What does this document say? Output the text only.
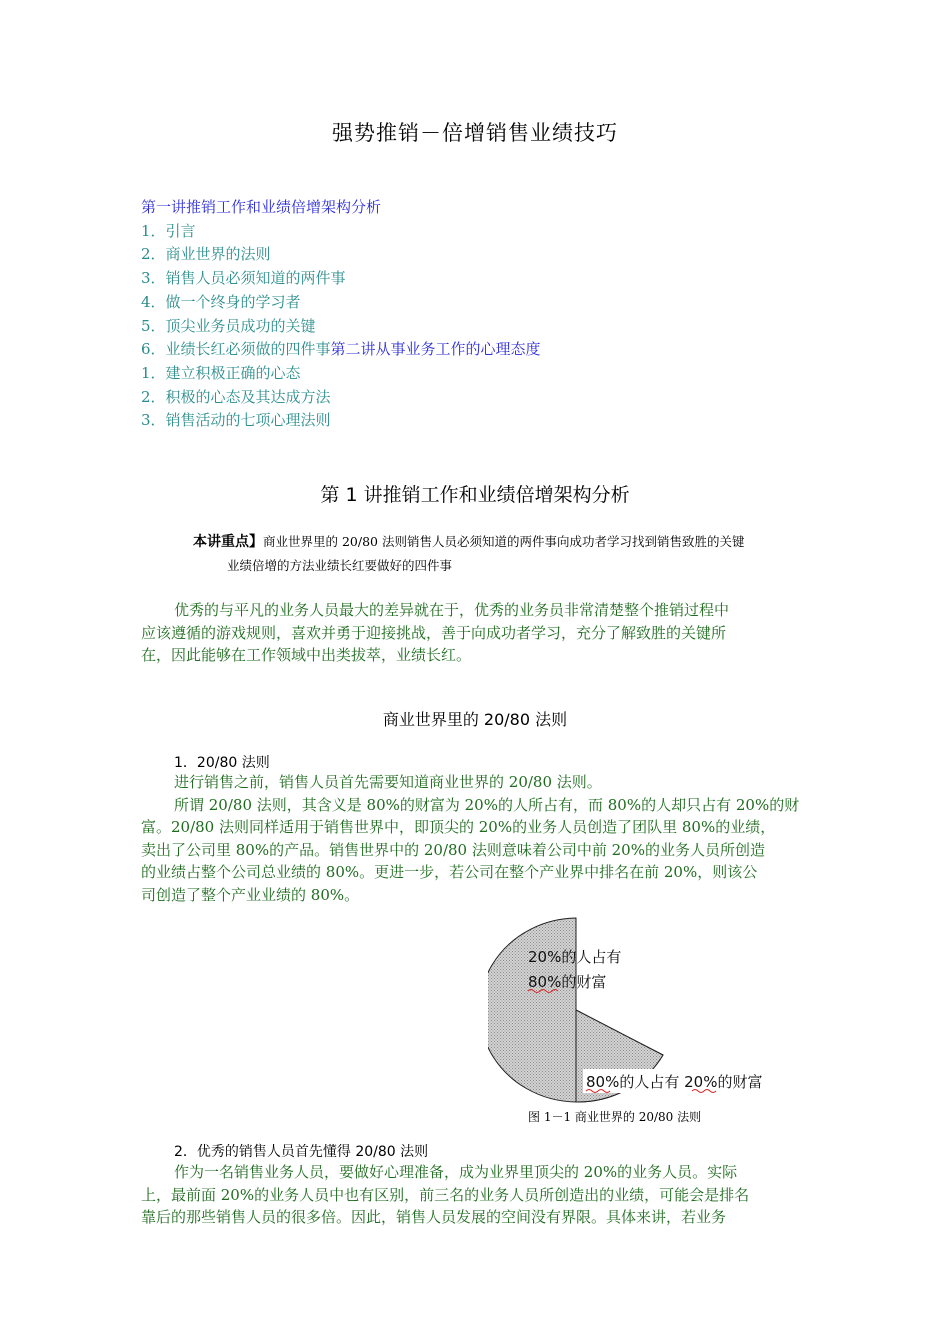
强势推销－倍增销售业绩技巧
第一讲推销工作和业绩倍增架构分析
1．引言
2．商业世界的法则
3．销售人员必须知道的两件事
4．做一个终身的学习者
5．顶尖业务员成功的关键
6．业绩长红必须做的四件事第二讲从事业务工作的心理态度
1．建立积极正确的心态
2．积极的心态及其达成方法
3．销售活动的七项心理法则
第 1 讲推销工作和业绩倍增架构分析
本讲重点】商业世界里的 20/80 法则销售人员必须知道的两件事向成功者学习找到销售致胜的关键
业绩倍增的方法业绩长红要做好的四件事
优秀的与平凡的业务人员最大的差异就在于，优秀的业务员非常清楚整个推销过程中
应该遵循的游戏规则，喜欢并勇于迎接挑战，善于向成功者学习，充分了解致胜的关键所
在，因此能够在工作领域中出类拔萃，业绩长红。
商业世界里的 20/80 法则
1．20/80 法则
进行销售之前，销售人员首先需要知道商业世界的 20/80 法则。
所谓 20/80 法则，其含义是 80%的财富为 20%的人所占有，而 80%的人却只占有 20%的财
富。20/80 法则同样适用于销售世界中，即顶尖的 20%的业务人员创造了团队里 80%的业绩，
卖出了公司里 80%的产品。销售世界中的 20/80 法则意味着公司中前 20%的业务人员所创造
的业绩占整个公司总业绩的 80%。更进一步，若公司在整个产业界中排名在前 20%，则该公
司创造了整个产业业绩的 80%。
20%的人占有
80%的财富
80%的人占有 20%的财富
图 1－1 商业世界的 20/80 法则
2．优秀的销售人员首先懂得 20/80 法则
作为一名销售业务人员，要做好心理准备，成为业界里顶尖的 20%的业务人员。实际
上，最前面 20%的业务人员中也有区别，前三名的业务人员所创造出的业绩，可能会是排名
靠后的那些销售人员的很多倍。因此，销售人员发展的空间没有界限。具体来讲，若业务
